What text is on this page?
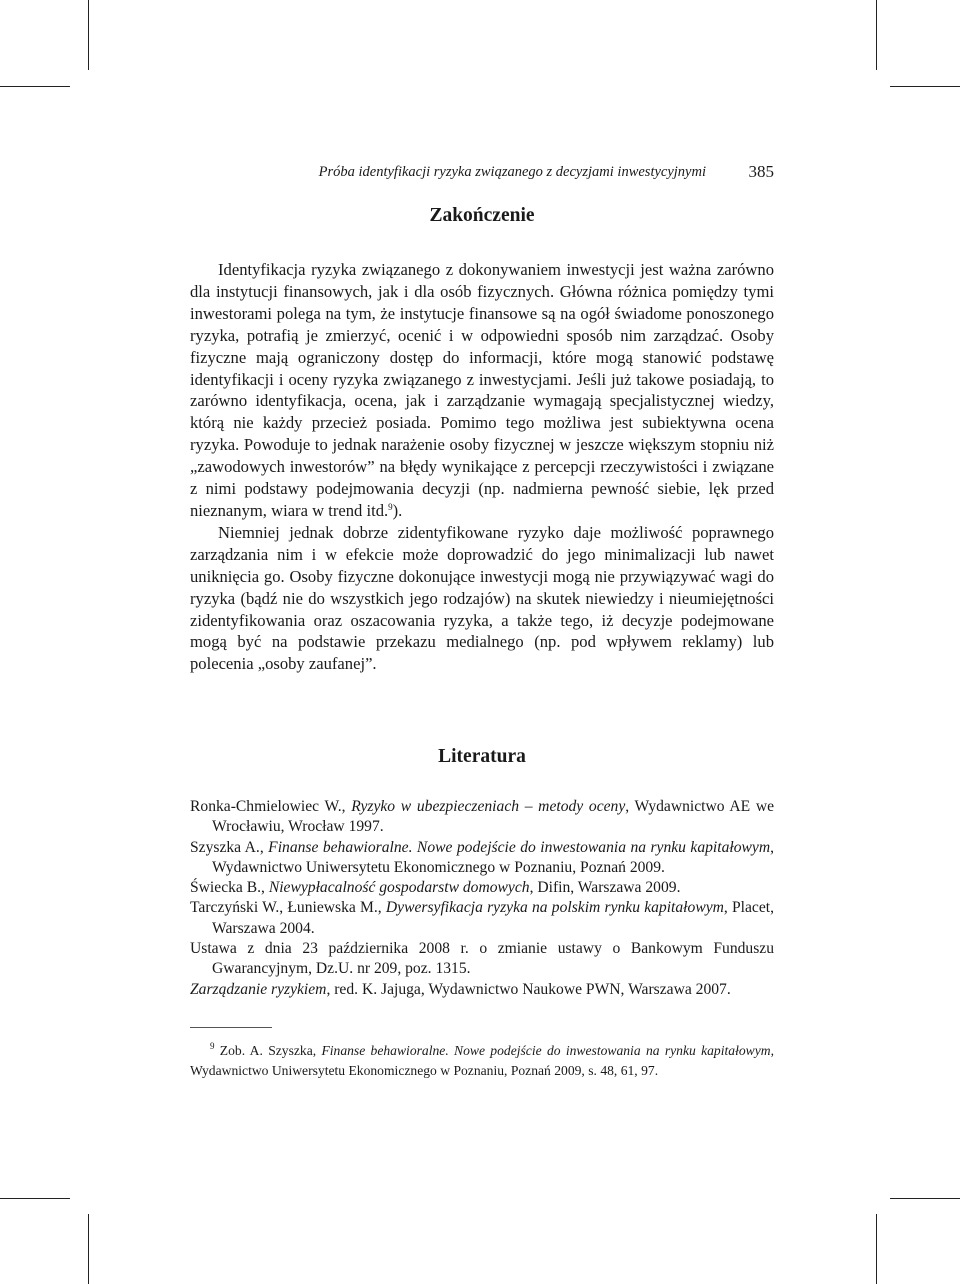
Próba identyfikacji ryzyka związanego z decyzjami inwestycyjnymi	385
Zakończenie

Identyfikacja ryzyka związanego z dokonywaniem inwestycji jest ważna zarówno dla instytucji finansowych, jak i dla osób fizycznych. Główna różnica pomiędzy tymi inwestorami polega na tym, że instytucje finansowe są na ogół świadome ponoszonego ryzyka, potrafią je zmierzyć, ocenić i w odpowiedni sposób nim zarządzać. Osoby fizyczne mają ograniczony dostęp do informacji, które mogą stanowić podstawę identyfikacji i oceny ryzyka związanego z inwestycjami. Jeśli już takowe posiadają, to zarówno identyfikacja, ocena, jak i zarządzanie wymagają specjalistycznej wiedzy, którą nie każdy przecież posiada. Pomimo tego możliwa jest subiektywna ocena ryzyka. Powoduje to jednak narażenie osoby fizycznej w jeszcze większym stopniu niż „zawodowych inwestorów” na błędy wynikające z percepcji rzeczywistości i związane z nimi podstawy podejmowania decyzji (np. nadmierna pewność siebie, lęk przed nieznanym, wiara w trend itd.$^9$).

Niemniej jednak dobrze zidentyfikowane ryzyko daje możliwość poprawnego zarządzania nim i w efekcie może doprowadzić do jego minimalizacji lub nawet uniknięcia go. Osoby fizyczne dokonujące inwestycji mogą nie przywiązywać wagi do ryzyka (bądź nie do wszystkich jego rodzajów) na skutek niewiedzy i nieumiejętności zidentyfikowania oraz oszacowania ryzyka, a także tego, iż decyzje podejmowane mogą być na podstawie przekazu medialnego (np. pod wpływem reklamy) lub polecenia „osoby zaufanej”.

Literatura

Ronka-Chmielowiec W., Ryzyko w ubezpieczeniach – metody oceny, Wydawnictwo AE we Wrocławiu, Wrocław 1997.

Szyszka A., Finanse behawioralne. Nowe podejście do inwestowania na rynku kapitałowym, Wydawnictwo Uniwersytetu Ekonomicznego w Poznaniu, Poznań 2009.

Świecka B., Niewypłacalność gospodarstw domowych, Difin, Warszawa 2009.

Tarczyński W., Łuniewska M., Dywersyfikacja ryzyka na polskim rynku kapitałowym, Placet, Warszawa 2004.

Ustawa z dnia 23 października 2008 r. o zmianie ustawy o Bankowym Funduszu Gwarancyjnym, Dz.U. nr 209, poz. 1315.

Zarządzanie ryzykiem, red. K. Jajuga, Wydawnictwo Naukowe PWN, Warszawa 2007.

$^9$ Zob. A. Szyszka, Finanse behawioralne. Nowe podejście do inwestowania na rynku kapitałowym, Wydawnictwo Uniwersytetu Ekonomicznego w Poznaniu, Poznań 2009, s. 48, 61, 97.
